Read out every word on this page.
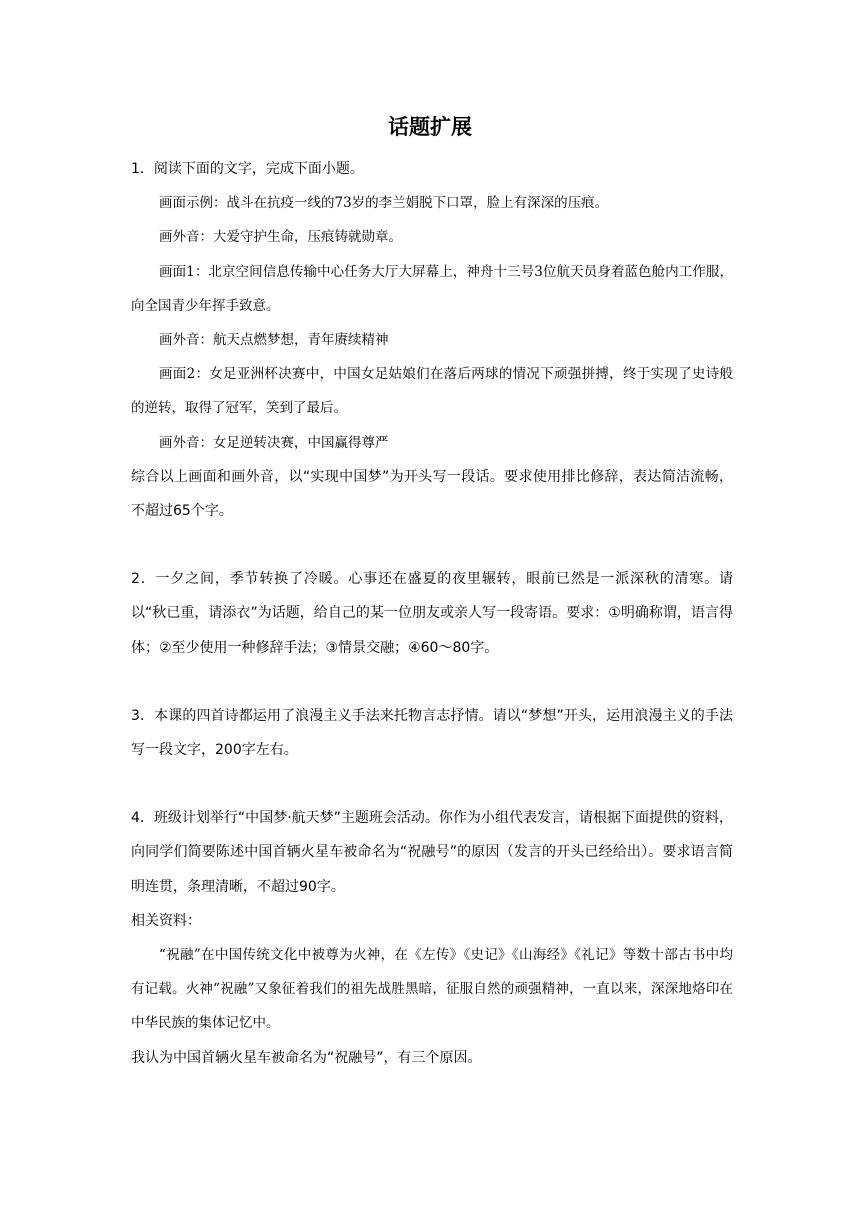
话题扩展

1．阅读下面的文字，完成下面小题。

画面示例：战斗在抗疫一线的73岁的李兰娟脱下口罩，脸上有深深的压痕。

画外音：大爱守护生命，压痕铸就勋章。

画面1：北京空间信息传输中心任务大厅大屏幕上，神舟十三号3位航天员身着蓝色舱内工作服，向全国青少年挥手致意。

画外音：航天点燃梦想，青年赓续精神

画面2：女足亚洲杯决赛中，中国女足姑娘们在落后两球的情况下顽强拼搏，终于实现了史诗般的逆转，取得了冠军，笑到了最后。

画外音：女足逆转决赛，中国赢得尊严

综合以上画面和画外音，以“实现中国梦”为开头写一段话。要求使用排比修辞，表达简洁流畅，不超过65个字。

2．一夕之间，季节转换了冷暖。心事还在盛夏的夜里辗转，眼前已然是一派深秋的清寒。请以“秋已重，请添衣”为话题，给自己的某一位朋友或亲人写一段寄语。要求：①明确称谓，语言得体；②至少使用一种修辞手法；③情景交融；④60～80字。

3．本课的四首诗都运用了浪漫主义手法来托物言志抒情。请以“梦想”开头，运用浪漫主义的手法写一段文字，200字左右。

4．班级计划举行“中国梦·航天梦”主题班会活动。你作为小组代表发言，请根据下面提供的资料，向同学们简要陈述中国首辆火星车被命名为“祝融号”的原因（发言的开头已经给出）。要求语言简明连贯，条理清晰，不超过90字。

相关资料：

“祝融”在中国传统文化中被尊为火神，在《左传》《史记》《山海经》《礼记》等数十部古书中均有记载。火神“祝融”又象征着我们的祖先战胜黑暗，征服自然的顽强精神，一直以来，深深地烙印在中华民族的集体记忆中。

我认为中国首辆火星车被命名为“祝融号”，有三个原因。
